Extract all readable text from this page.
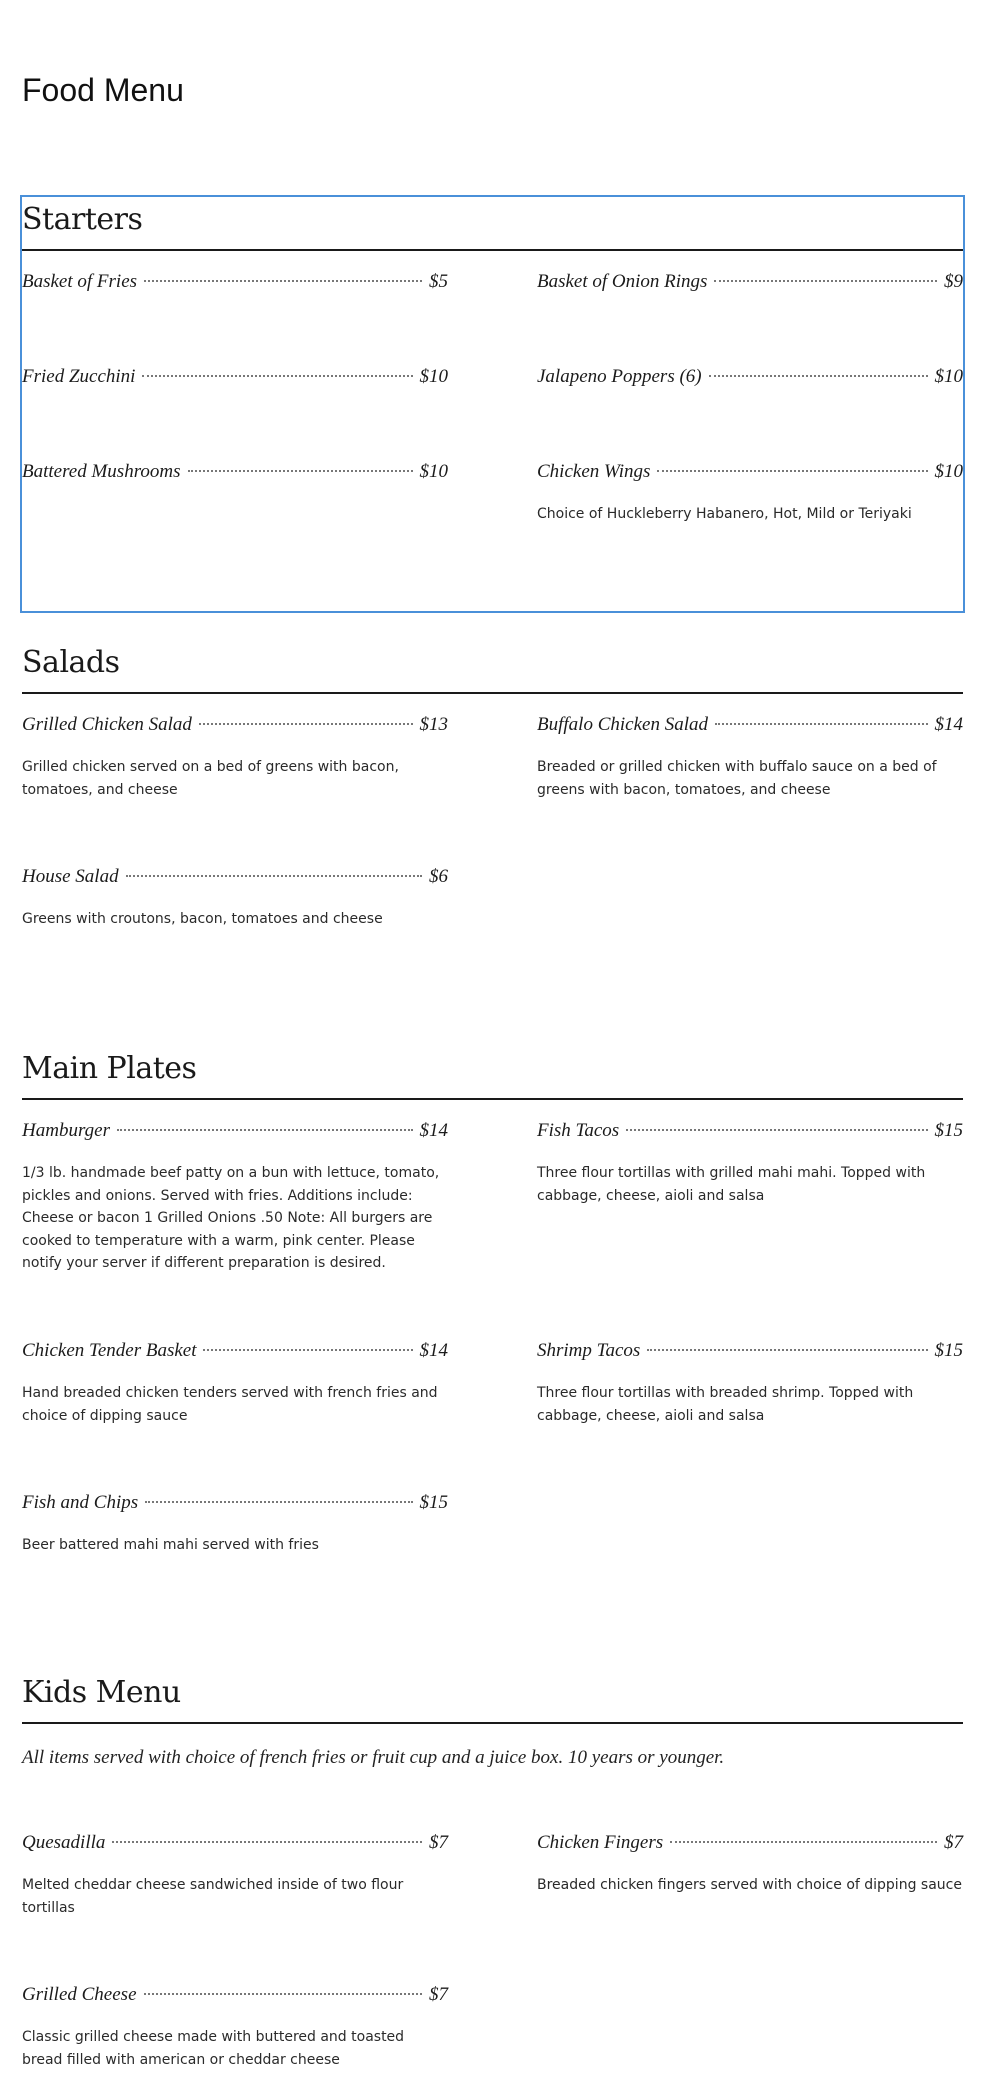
Food Menu
Starters
Basket of Fries	$5	Basket of Onion Rings	$9
Fried Zucchini	$10	Jalapeno Poppers (6)	$10
Battered Mushrooms	$10	Chicken Wings	$10

Choice of Huckleberry Habanero, Hot, Mild or Teriyaki

Salads
Grilled Chicken Salad	$13

Grilled chicken served on a bed of greens with bacon, tomatoes, and cheese

Buffalo Chicken Salad	$14

Breaded or grilled chicken with buffalo sauce on a bed of greens with bacon, tomatoes, and cheese

House Salad	$6

Greens with croutons, bacon, tomatoes and cheese

Main Plates
Hamburger	$14

1/3 lb. handmade beef patty on a bun with lettuce, tomato, pickles and onions. Served with fries. Additions include: Cheese or bacon 1 Grilled Onions .50 Note: All burgers are cooked to temperature with a warm, pink center. Please notify your server if different preparation is desired.

Fish Tacos	$15

Three flour tortillas with grilled mahi mahi. Topped with cabbage, cheese, aioli and salsa

Chicken Tender Basket	$14

Hand breaded chicken tenders served with french fries and choice of dipping sauce

Shrimp Tacos	$15

Three flour tortillas with breaded shrimp. Topped with cabbage, cheese, aioli and salsa

Fish and Chips	$15

Beer battered mahi mahi served with fries

Kids Menu

All items served with choice of french fries or fruit cup and a juice box. 10 years or younger.

Quesadilla	$7

Melted cheddar cheese sandwiched inside of two flour tortillas

Chicken Fingers	$7

Breaded chicken fingers served with choice of dipping sauce

Grilled Cheese	$7

Classic grilled cheese made with buttered and toasted bread filled with american or cheddar cheese
